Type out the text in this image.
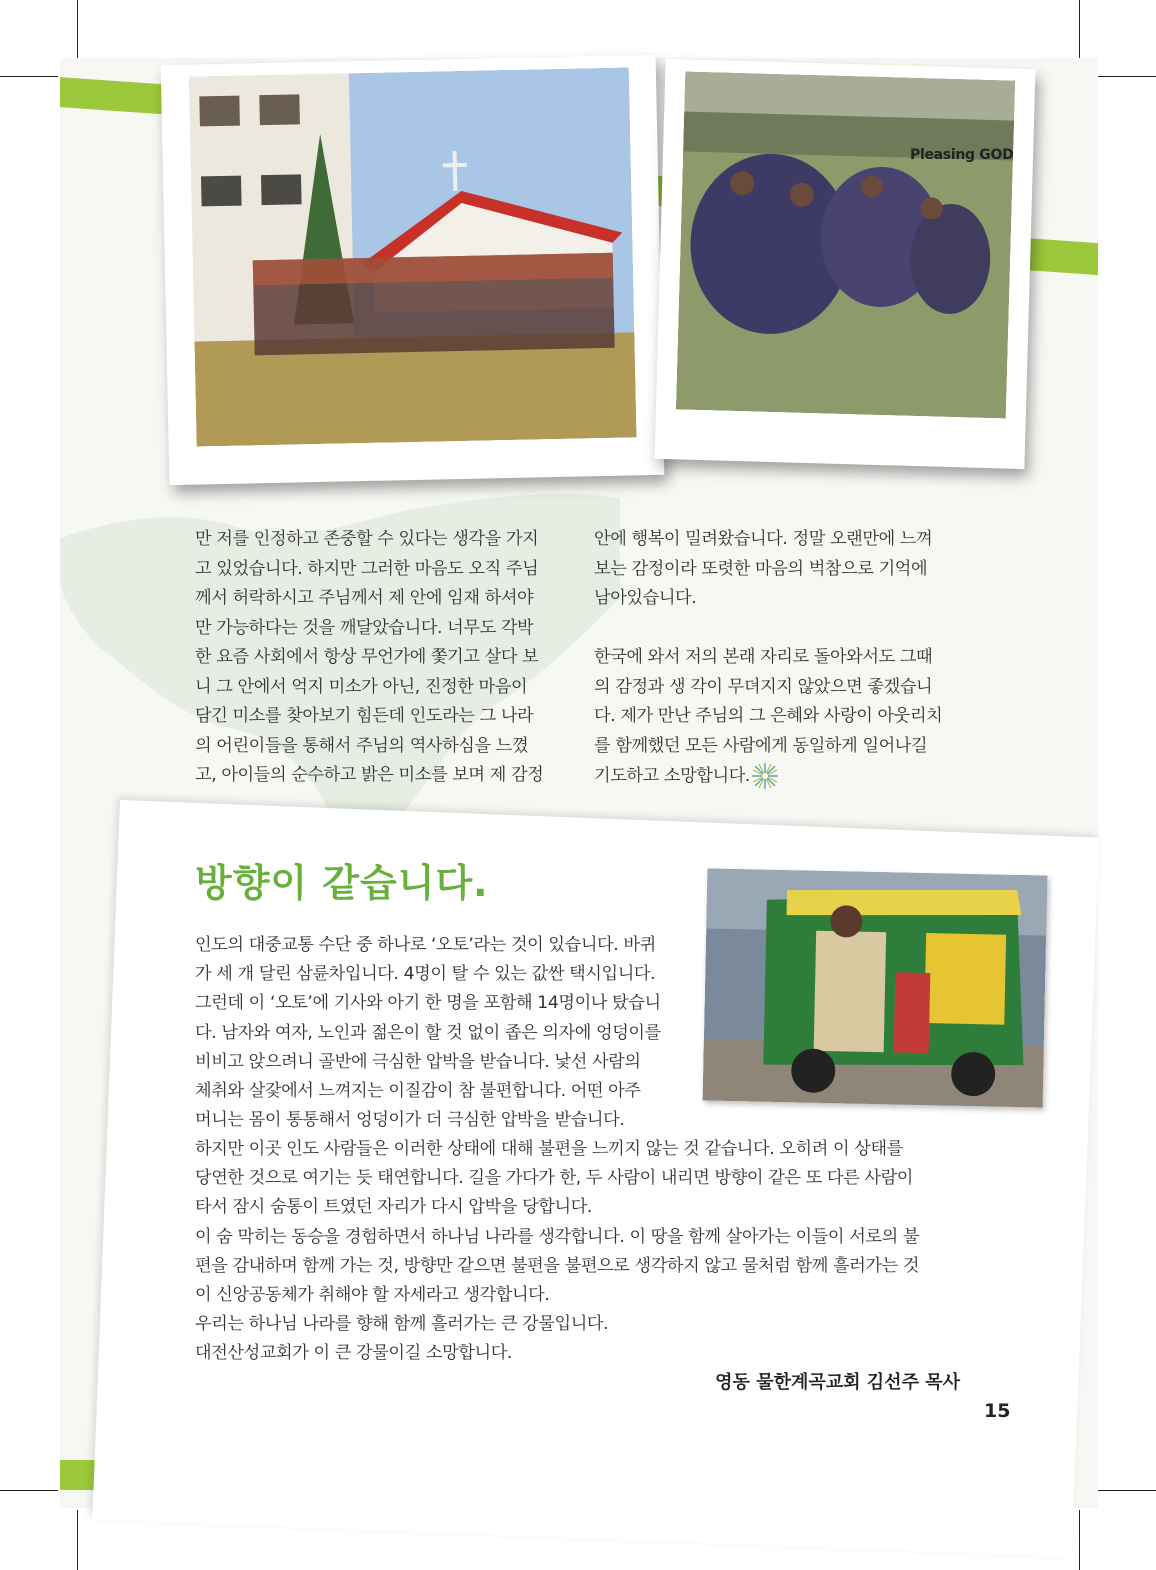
Pleasing GOD

만 저를 인정하고 존중할 수 있다는 생각을 가지

고 있었습니다. 하지만 그러한 마음도 오직 주님

께서 허락하시고 주님께서 제 안에 임재 하셔야

만 가능하다는 것을 깨달았습니다. 너무도 각박

한 요즘 사회에서 항상 무언가에 쫓기고 살다 보

니 그 안에서 억지 미소가 아닌, 진정한 마음이

담긴 미소를 찾아보기 힘든데 인도라는 그 나라

의 어린이들을 통해서 주님의 역사하심을 느꼈

고, 아이들의 순수하고 밝은 미소를 보며 제 감정

안에 행복이 밀려왔습니다. 정말 오랜만에 느껴

보는 감정이라 또렷한 마음의 벅참으로 기억에

남아있습니다.

한국에 와서 저의 본래 자리로 돌아와서도 그때

의 감정과 생 각이 무뎌지지 않았으면 좋겠습니

다. 제가 만난 주님의 그 은혜와 사랑이 아웃리치

를 함께했던 모든 사람에게 동일하게 일어나길

기도하고 소망합니다.

방향이 같습니다.

인도의 대중교통 수단 중 하나로 ‘오토’라는 것이 있습니다. 바퀴

가 세 개 달린 삼륜차입니다. 4명이 탈 수 있는 값싼 택시입니다.

그런데 이 ‘오토’에 기사와 아기 한 명을 포함해 14명이나 탔습니

다. 남자와 여자, 노인과 젊은이 할 것 없이 좁은 의자에 엉덩이를

비비고 앉으려니 골반에 극심한 압박을 받습니다. 낯선 사람의

체취와 살갗에서 느껴지는 이질감이 참 불편합니다. 어떤 아주

머니는 몸이 통통해서 엉덩이가 더 극심한 압박을 받습니다.

하지만 이곳 인도 사람들은 이러한 상태에 대해 불편을 느끼지 않는 것 같습니다. 오히려 이 상태를

당연한 것으로 여기는 듯 태연합니다. 길을 가다가 한, 두 사람이 내리면 방향이 같은 또 다른 사람이

타서 잠시 숨통이 트였던 자리가 다시 압박을 당합니다.

이 숨 막히는 동승을 경험하면서 하나님 나라를 생각합니다. 이 땅을 함께 살아가는 이들이 서로의 불

편을 감내하며 함께 가는 것, 방향만 같으면 불편을 불편으로 생각하지 않고 물처럼 함께 흘러가는 것

이 신앙공동체가 취해야 할 자세라고 생각합니다.

우리는 하나님 나라를 향해 함께 흘러가는 큰 강물입니다.

대전산성교회가 이 큰 강물이길 소망합니다.

영동 물한계곡교회 김선주 목사
15
